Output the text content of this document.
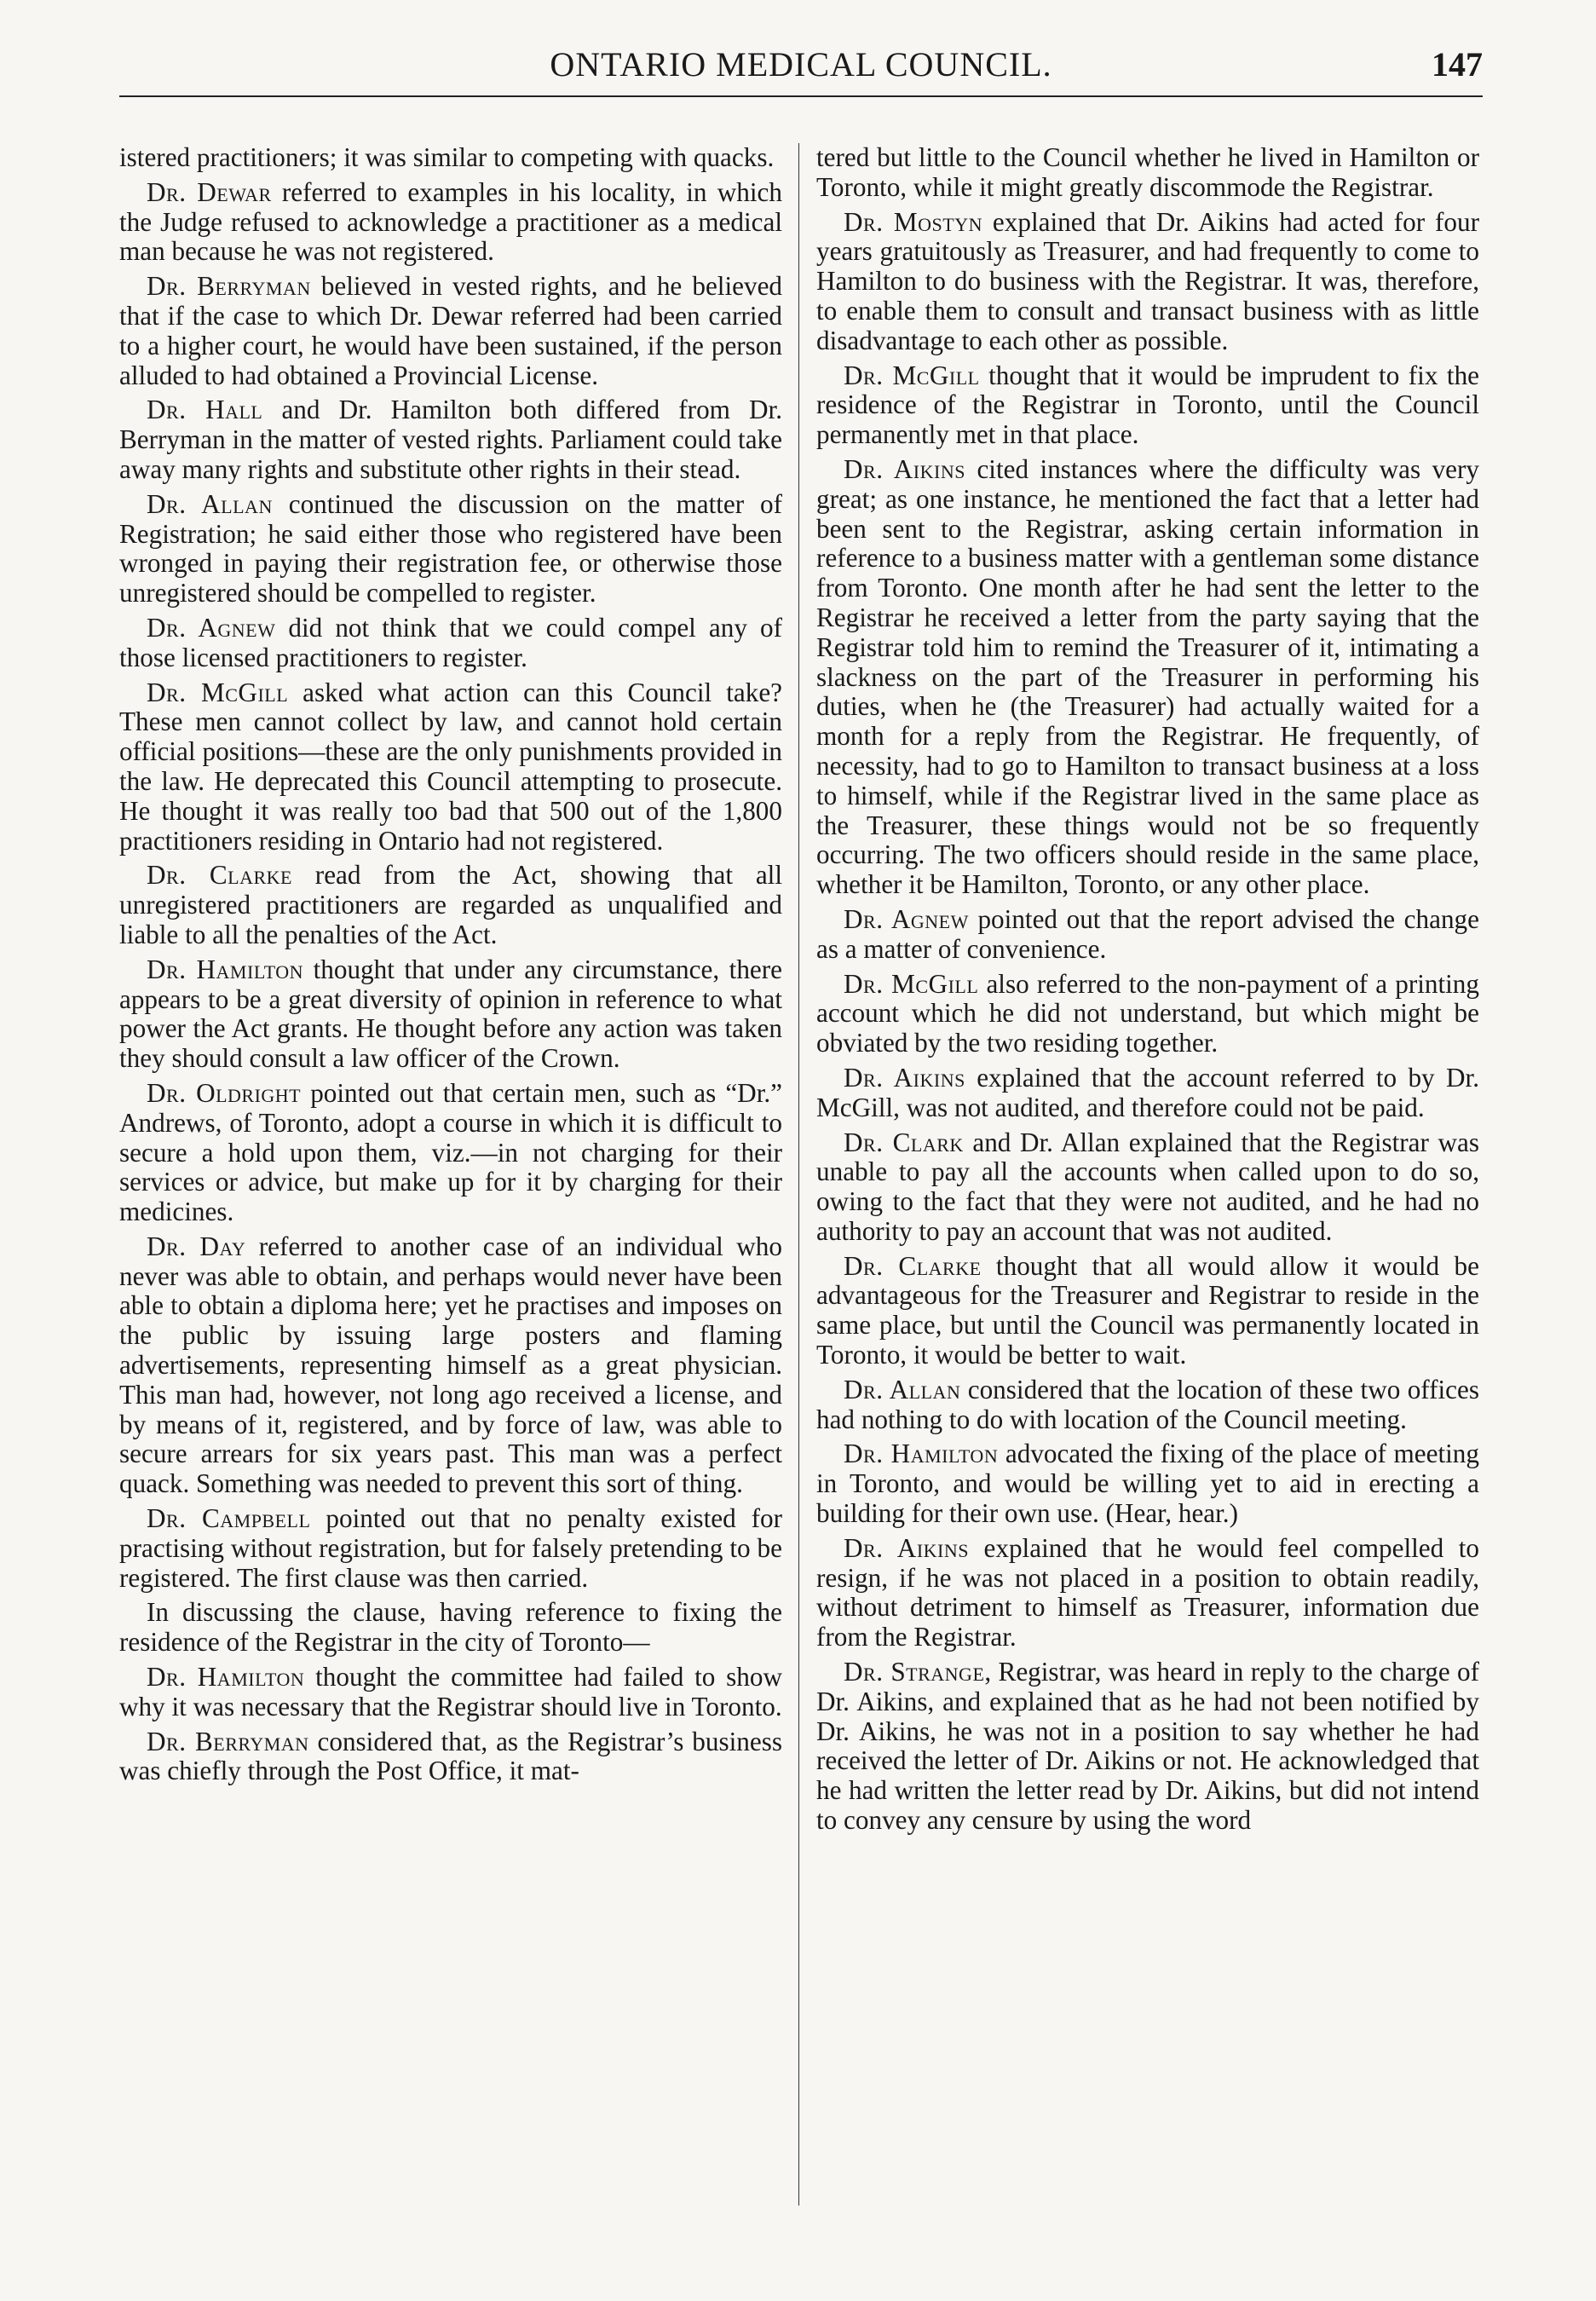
ONTARIO MEDICAL COUNCIL.	147

istered practitioners; it was similar to competing with quacks.

Dr. Dewar referred to examples in his locality, in which the Judge refused to acknowledge a practitioner as a medical man because he was not registered.

Dr. Berryman believed in vested rights, and he believed that if the case to which Dr. Dewar referred had been carried to a higher court, he would have been sustained, if the person alluded to had obtained a Provincial License.

Dr. Hall and Dr. Hamilton both differed from Dr. Berryman in the matter of vested rights. Parliament could take away many rights and substitute other rights in their stead.

Dr. Allan continued the discussion on the matter of Registration; he said either those who registered have been wronged in paying their registration fee, or otherwise those unregistered should be compelled to register.

Dr. Agnew did not think that we could compel any of those licensed practitioners to register.

Dr. McGill asked what action can this Council take? These men cannot collect by law, and cannot hold certain official positions—these are the only punishments provided in the law. He deprecated this Council attempting to prosecute. He thought it was really too bad that 500 out of the 1,800 practitioners residing in Ontario had not registered.

Dr. Clarke read from the Act, showing that all unregistered practitioners are regarded as unqualified and liable to all the penalties of the Act.

Dr. Hamilton thought that under any circumstance, there appears to be a great diversity of opinion in reference to what power the Act grants. He thought before any action was taken they should consult a law officer of the Crown.

Dr. Oldright pointed out that certain men, such as “Dr.” Andrews, of Toronto, adopt a course in which it is difficult to secure a hold upon them, viz.—in not charging for their services or advice, but make up for it by charging for their medicines.

Dr. Day referred to another case of an individual who never was able to obtain, and perhaps would never have been able to obtain a diploma here; yet he practises and imposes on the public by issuing large posters and flaming advertisements, representing himself as a great physician. This man had, however, not long ago received a license, and by means of it, registered, and by force of law, was able to secure arrears for six years past. This man was a perfect quack. Something was needed to prevent this sort of thing.

Dr. Campbell pointed out that no penalty existed for practising without registration, but for falsely pretending to be registered. The first clause was then carried.

In discussing the clause, having reference to fixing the residence of the Registrar in the city of Toronto—

Dr. Hamilton thought the committee had failed to show why it was necessary that the Registrar should live in Toronto.

Dr. Berryman considered that, as the Registrar’s business was chiefly through the Post Office, it mat-

tered but little to the Council whether he lived in Hamilton or Toronto, while it might greatly discommode the Registrar.

Dr. Mostyn explained that Dr. Aikins had acted for four years gratuitously as Treasurer, and had frequently to come to Hamilton to do business with the Registrar. It was, therefore, to enable them to consult and transact business with as little disadvantage to each other as possible.

Dr. McGill thought that it would be imprudent to fix the residence of the Registrar in Toronto, until the Council permanently met in that place.

Dr. Aikins cited instances where the difficulty was very great; as one instance, he mentioned the fact that a letter had been sent to the Registrar, asking certain information in reference to a business matter with a gentleman some distance from Toronto. One month after he had sent the letter to the Registrar he received a letter from the party saying that the Registrar told him to remind the Treasurer of it, intimating a slackness on the part of the Treasurer in performing his duties, when he (the Treasurer) had actually waited for a month for a reply from the Registrar. He frequently, of necessity, had to go to Hamilton to transact business at a loss to himself, while if the Registrar lived in the same place as the Treasurer, these things would not be so frequently occurring. The two officers should reside in the same place, whether it be Hamilton, Toronto, or any other place.

Dr. Agnew pointed out that the report advised the change as a matter of convenience.

Dr. McGill also referred to the non-payment of a printing account which he did not understand, but which might be obviated by the two residing together.

Dr. Aikins explained that the account referred to by Dr. McGill, was not audited, and therefore could not be paid.

Dr. Clark and Dr. Allan explained that the Registrar was unable to pay all the accounts when called upon to do so, owing to the fact that they were not audited, and he had no authority to pay an account that was not audited.

Dr. Clarke thought that all would allow it would be advantageous for the Treasurer and Registrar to reside in the same place, but until the Council was permanently located in Toronto, it would be better to wait.

Dr. Allan considered that the location of these two offices had nothing to do with location of the Council meeting.

Dr. Hamilton advocated the fixing of the place of meeting in Toronto, and would be willing yet to aid in erecting a building for their own use. (Hear, hear.)

Dr. Aikins explained that he would feel compelled to resign, if he was not placed in a position to obtain readily, without detriment to himself as Treasurer, information due from the Registrar.

Dr. Strange, Registrar, was heard in reply to the charge of Dr. Aikins, and explained that as he had not been notified by Dr. Aikins, he was not in a position to say whether he had received the letter of Dr. Aikins or not. He acknowledged that he had written the letter read by Dr. Aikins, but did not intend to convey any censure by using the word
